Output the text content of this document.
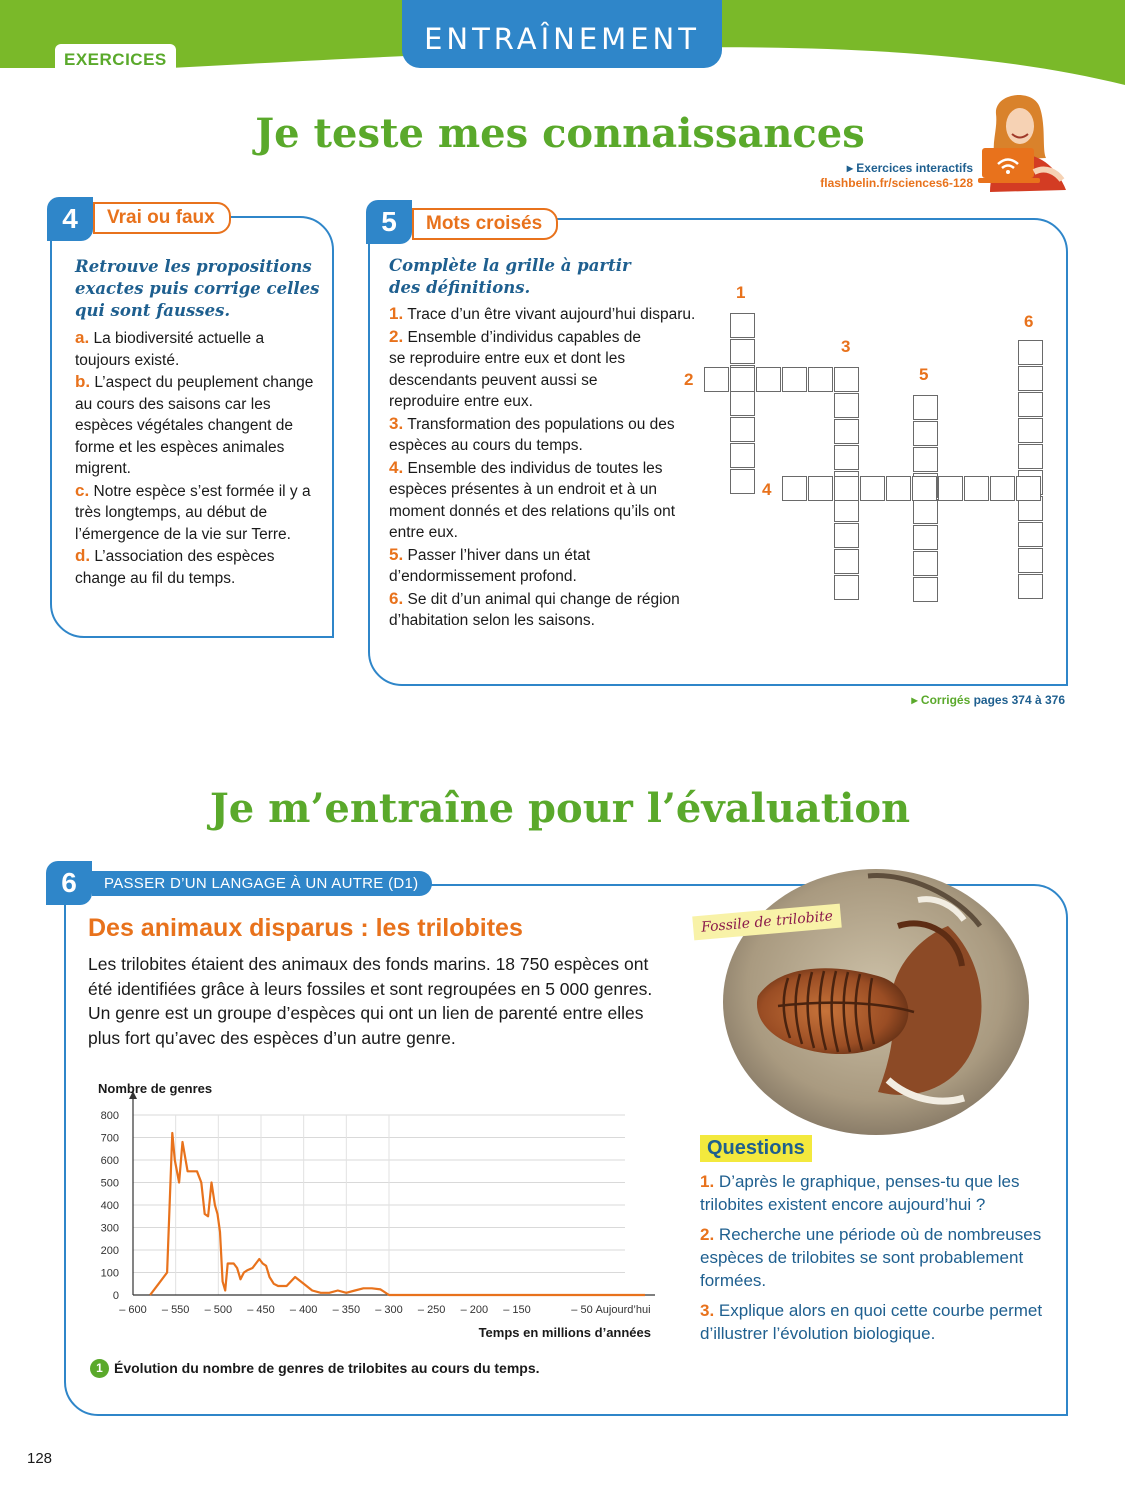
EXERCICES
ENTRAÎNEMENT
Je teste mes connaissances
▸ Exercices interactifs
flashbelin.fr/sciences6-128
4	Vrai ou faux
Retrouve les propositions exactes puis corrige celles qui sont fausses.
a. La biodiversité actuelle a toujours existé.
b. L’aspect du peuplement change au cours des saisons car les espèces végétales changent de forme et les espèces animales migrent.
c. Notre espèce s’est formée il y a très longtemps, au début de l’émergence de la vie sur Terre.
d. L’association des espèces change au fil du temps.
5	Mots croisés
Complète la grille à partir des définitions.
1. Trace d’un être vivant aujourd’hui disparu.
2. Ensemble d’individus capables de se reproduire entre eux et dont les descendants peuvent aussi se reproduire entre eux.
3. Transformation des populations ou des espèces au cours du temps.
4. Ensemble des individus de toutes les espèces présentes à un endroit et à un moment donnés et des relations qu’ils ont entre eux.
5. Passer l’hiver dans un état d’endormissement profond.
6. Se dit d’un animal qui change de région d’habitation selon les saisons.
1
2
3
4
5
6
▸ Corrigés pages 374 à 376
Je m’entraîne pour l’évaluation
6	PASSER D’UN LANGAGE À UN AUTRE (D1)
Des animaux disparus : les trilobites
Les trilobites étaient des animaux des fonds marins. 18 750 espèces ont été identifiées grâce à leurs fossiles et sont regroupées en 5 000 genres. Un genre est un groupe d’espèces qui ont un lien de parenté entre elles plus fort qu’avec des espèces d’un autre genre.
0
100
200
300
400
500
600
700
800
– 600 – 550 – 500 – 450 – 400 – 350 – 300 – 250 – 200 – 150	– 50 Aujourd’hui
Nombre de genres
Temps en millions d’années
1 Évolution du nombre de genres de trilobites au cours du temps.
Fossile de trilobite
Questions
1. D’après le graphique, penses-tu que les trilobites existent encore aujourd’hui ?
2. Recherche une période où de nombreuses espèces de trilobites se sont probablement formées.
3. Explique alors en quoi cette courbe permet d’illustrer l’évolution biologique.
128
